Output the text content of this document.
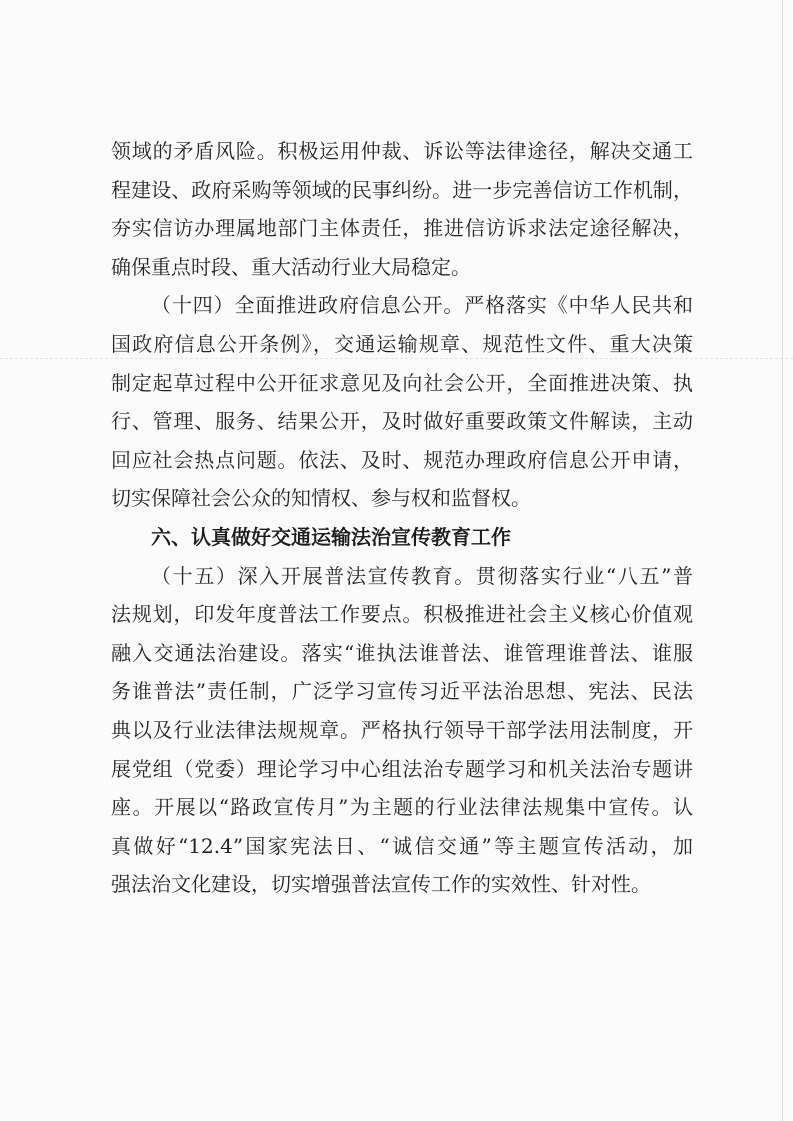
领域的矛盾风险。积极运用仲裁、诉讼等法律途径，解决交通工
程建设、政府采购等领域的民事纠纷。进一步完善信访工作机制，
夯实信访办理属地部门主体责任，推进信访诉求法定途径解决，
确保重点时段、重大活动行业大局稳定。
（十四）全面推进政府信息公开。严格落实《中华人民共和
国政府信息公开条例》，交通运输规章、规范性文件、重大决策
制定起草过程中公开征求意见及向社会公开，全面推进决策、执
行、管理、服务、结果公开，及时做好重要政策文件解读，主动
回应社会热点问题。依法、及时、规范办理政府信息公开申请，
切实保障社会公众的知情权、参与权和监督权。
六、认真做好交通运输法治宣传教育工作
（十五）深入开展普法宣传教育。贯彻落实行业“八五”普
法规划，印发年度普法工作要点。积极推进社会主义核心价值观
融入交通法治建设。落实“谁执法谁普法、谁管理谁普法、谁服
务谁普法”责任制，广泛学习宣传习近平法治思想、宪法、民法
典以及行业法律法规规章。严格执行领导干部学法用法制度，开
展党组（党委）理论学习中心组法治专题学习和机关法治专题讲
座。开展以“路政宣传月”为主题的行业法律法规集中宣传。认
真做好“12.4”国家宪法日、“诚信交通”等主题宣传活动，加
强法治文化建设，切实增强普法宣传工作的实效性、针对性。
